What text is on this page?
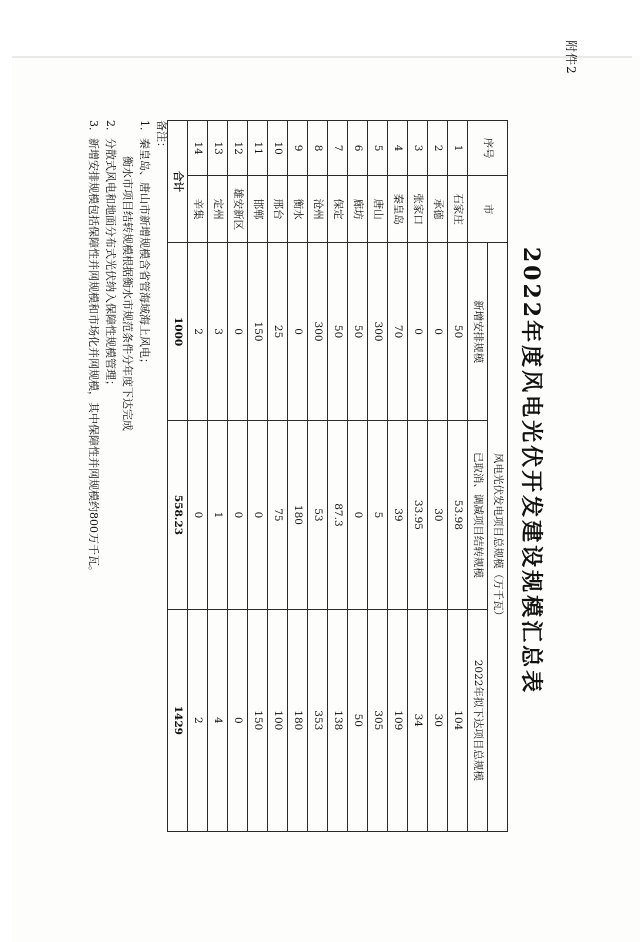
附件2
2022年度风电光伏开发建设规模汇总表
序号	市	风电光伏发电项目总规模（万千瓦）		
		新增安排规模	已取消、调减项目结转规模	2022年拟下达项目总规模
1	石家庄	50	53.98	104
2	承德	0	30	30
3	张家口	0	33.95	34
4	秦皇岛	70	39	109
5	唐山	300	5	305
6	廊坊	50	0	50
7	保定	50	87.3	138
8	沧州	300	53	353
9	衡水	0	180	180
10	邢台	25	75	100
11	邯郸	150	0	150
12	雄安新区	0	0	0
13	定州	3	1	4
14	辛集	2	0	2
合计		1000	558.23	1429
备注：
1．秦皇岛、唐山市新增规模含省管海域海上风电；
衡水市项目结转规模根据衡水市规范条件分年度下达完成
2．分散式风电和地面分布式光伏纳入保障性规模管理；
3．新增安排规模包括保障性并网规模和市场化并网规模，其中保障性并网规模约800万千瓦。
